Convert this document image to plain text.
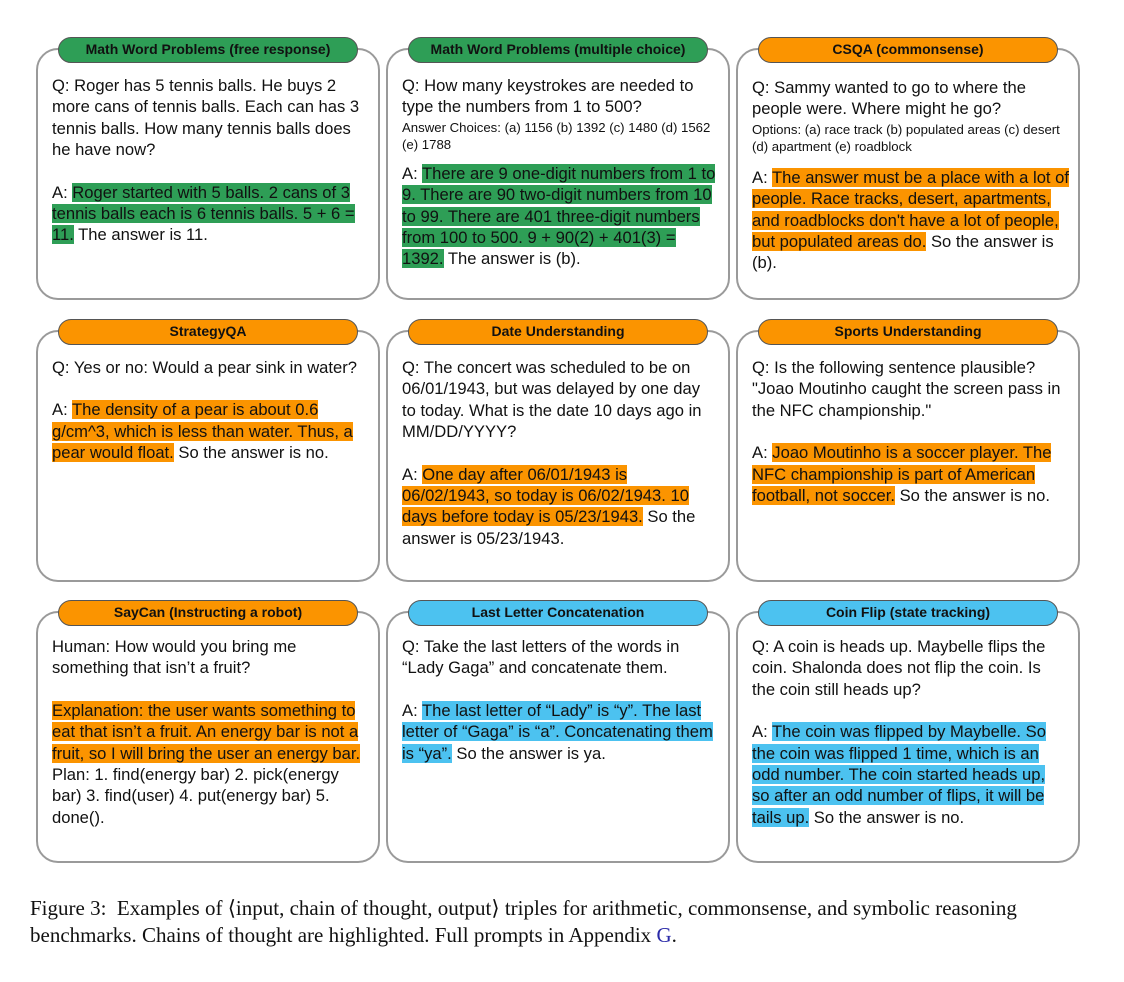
Math Word Problems (free response)

Q: Roger has 5 tennis balls. He buys 2 more cans of tennis balls. Each can has 3 tennis balls. How many tennis balls does he have now?

A: Roger started with 5 balls. 2 cans of 3 tennis balls each is 6 tennis balls. 5 + 6 = 11. The answer is 11.

Math Word Problems (multiple choice)

Q: How many keystrokes are needed to type the numbers from 1 to 500?

Answer Choices: (a) 1156 (b) 1392 (c) 1480 (d) 1562 (e) 1788

A: There are 9 one-digit numbers from 1 to 9. There are 90 two-digit numbers from 10 to 99. There are 401 three-digit numbers from 100 to 500. 9 + 90(2) + 401(3) = 1392. The answer is (b).

CSQA (commonsense)

Q: Sammy wanted to go to where the people were. Where might he go?

Options: (a) race track (b) populated areas (c) desert (d) apartment (e) roadblock

A: The answer must be a place with a lot of people. Race tracks, desert, apartments, and roadblocks don't have a lot of people, but populated areas do. So the answer is (b).

StrategyQA

Q: Yes or no: Would a pear sink in water?

A: The density of a pear is about 0.6 g/cm^3, which is less than water. Thus, a pear would float. So the answer is no.

Date Understanding

Q: The concert was scheduled to be on 06/01/1943, but was delayed by one day to today. What is the date 10 days ago in MM/DD/YYYY?

A: One day after 06/01/1943 is 06/02/1943, so today is 06/02/1943. 10 days before today is 05/23/1943. So the answer is 05/23/1943.

Sports Understanding

Q: Is the following sentence plausible? "Joao Moutinho caught the screen pass in the NFC championship."

A: Joao Moutinho is a soccer player. The NFC championship is part of American football, not soccer. So the answer is no.

SayCan (Instructing a robot)

Human: How would you bring me something that isn’t a fruit?

Explanation: the user wants something to eat that isn’t a fruit. An energy bar is not a fruit, so I will bring the user an energy bar.

Plan: 1. find(energy bar) 2. pick(energy bar) 3. find(user) 4. put(energy bar) 5. done().

Last Letter Concatenation

Q: Take the last letters of the words in “Lady Gaga” and concatenate them.

A: The last letter of “Lady” is “y”. The last letter of “Gaga” is “a”. Concatenating them is “ya”. So the answer is ya.

Coin Flip (state tracking)

Q: A coin is heads up. Maybelle flips the coin. Shalonda does not flip the coin. Is the coin still heads up?

A: The coin was flipped by Maybelle. So the coin was flipped 1 time, which is an odd number. The coin started heads up, so after an odd number of flips, it will be tails up. So the answer is no.

Figure 3: Examples of ⟨input, chain of thought, output⟩ triples for arithmetic, commonsense, and symbolic reasoning benchmarks. Chains of thought are highlighted. Full prompts in Appendix G.
